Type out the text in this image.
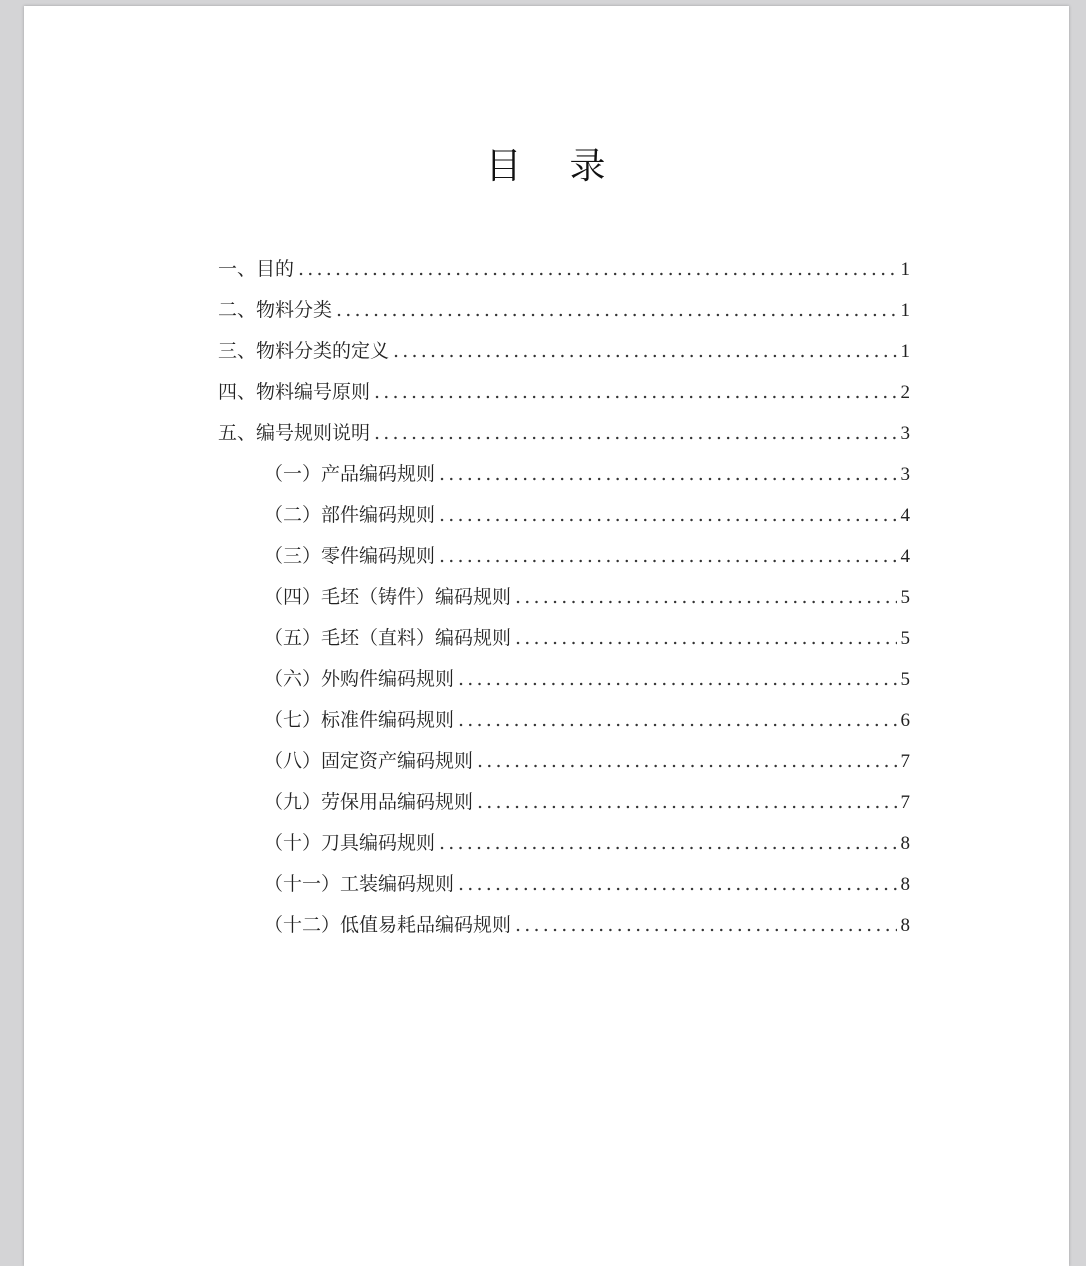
目 录
一、目的 .....	1
二、物料分类 .....	1
三、物料分类的定义 .....	1
四、物料编号原则 .....	2
五、编号规则说明 .....	3
（一）产品编码规则 .....	3
（二）部件编码规则 .....	4
（三）零件编码规则 .....	4
（四）毛坯（铸件）编码规则 .....	5
（五）毛坯（直料）编码规则 .....	5
（六）外购件编码规则 .....	5
（七）标准件编码规则 .....	6
（八）固定资产编码规则 .....	7
（九）劳保用品编码规则 .....	7
（十）刀具编码规则 .....	8
（十一）工装编码规则 .....	8
（十二）低值易耗品编码规则 .....	8
